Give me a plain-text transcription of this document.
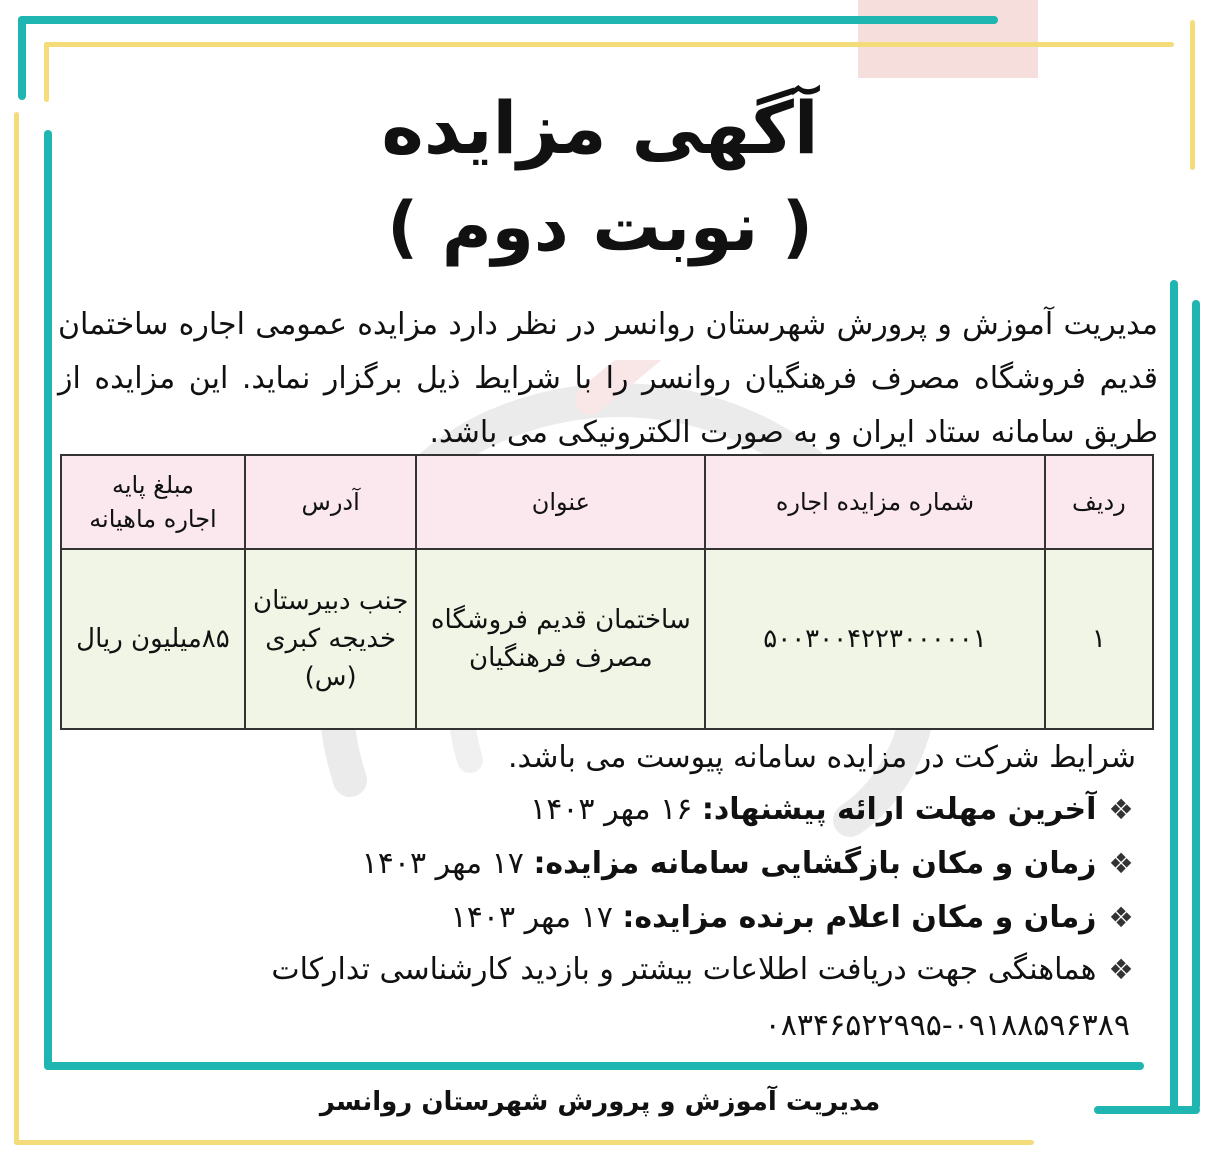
آگهی مزایده
( نوبت دوم )
مدیریت آموزش و پرورش شهرستان روانسر در نظر دارد مزایده عمومی اجاره ساختمان قدیم فروشگاه مصرف فرهنگیان روانسر را با شرایط ذیل برگزار نماید. این مزایده از طریق سامانه ستاد ایران و به صورت الکترونیکی می باشد.
ردیف	شماره مزایده اجاره	عنوان	آدرس	مبلغ پایه
اجاره ماهیانه

۱	۵۰۰۳۰۰۴۲۲۳۰۰۰۰۰۱	ساختمان قدیم فروشگاه مصرف فرهنگیان	جنب دبیرستان خدیجه کبری (س)	۸۵میلیون ریال
شرایط شرکت در مزایده سامانه پیوست می باشد.
❖ آخرین مهلت ارائه پیشنهاد: ۱۶ مهر ۱۴۰۳
❖ زمان و مکان بازگشایی سامانه مزایده: ۱۷ مهر ۱۴۰۳
❖ زمان و مکان اعلام برنده مزایده: ۱۷ مهر ۱۴۰۳
❖ هماهنگی جهت دریافت اطلاعات بیشتر و بازدید کارشناسی تدارکات
۰۸۳۴۶۵۲۲۹۹۵-۰۹۱۸۸۵۹۶۳۸۹
مدیریت آموزش و پرورش شهرستان روانسر
